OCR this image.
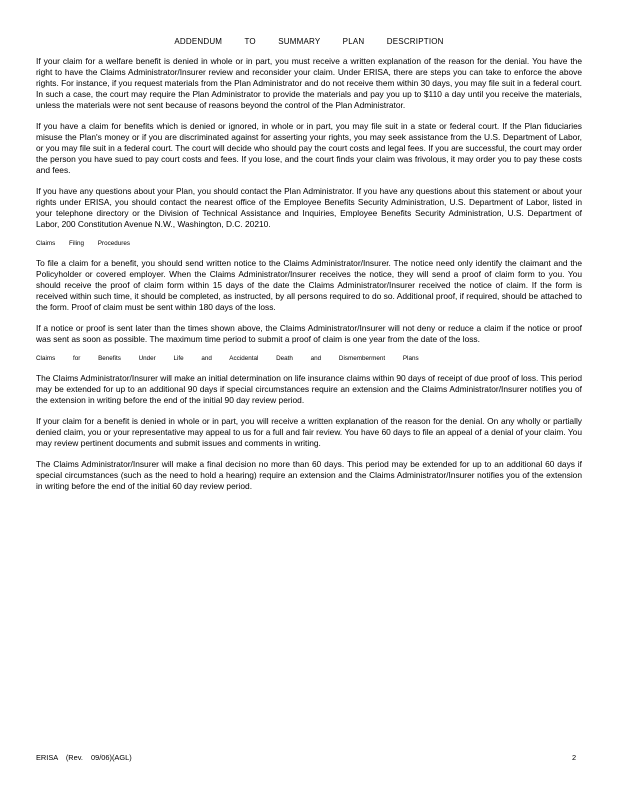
ADDENDUM TO SUMMARY PLAN DESCRIPTION

If your claim for a welfare benefit is denied in whole or in part, you must receive a written explanation of the reason for the denial. You have the right to have the Claims Administrator/Insurer review and reconsider your claim. Under ERISA, there are steps you can take to enforce the above rights. For instance, if you request materials from the Plan Administrator and do not receive them within 30 days, you may file suit in a federal court. In such a case, the court may require the Plan Administrator to provide the materials and pay you up to $110 a day until you receive the materials, unless the materials were not sent because of reasons beyond the control of the Plan Administrator.

If you have a claim for benefits which is denied or ignored, in whole or in part, you may file suit in a state or federal court. If the Plan fiduciaries misuse the Plan's money or if you are discriminated against for asserting your rights, you may seek assistance from the U.S. Department of Labor, or you may file suit in a federal court. The court will decide who should pay the court costs and legal fees. If you are successful, the court may order the person you have sued to pay court costs and fees. If you lose, and the court finds your claim was frivolous, it may order you to pay these costs and fees.

If you have any questions about your Plan, you should contact the Plan Administrator. If you have any questions about this statement or about your rights under ERISA, you should contact the nearest office of the Employee Benefits Security Administration, U.S. Department of Labor, listed in your telephone directory or the Division of Technical Assistance and Inquiries, Employee Benefits Security Administration, U.S. Department of Labor, 200 Constitution Avenue N.W., Washington, D.C. 20210.

Claims Filing Procedures

To file a claim for a benefit, you should send written notice to the Claims Administrator/Insurer. The notice need only identify the claimant and the Policyholder or covered employer. When the Claims Administrator/Insurer receives the notice, they will send a proof of claim form to you. You should receive the proof of claim form within 15 days of the date the Claims Administrator/Insurer received the notice of claim. If the form is received within such time, it should be completed, as instructed, by all persons required to do so. Additional proof, if required, should be attached to the form. Proof of claim must be sent within 180 days of the loss.

If a notice or proof is sent later than the times shown above, the Claims Administrator/Insurer will not deny or reduce a claim if the notice or proof was sent as soon as possible. The maximum time period to submit a proof of claim is one year from the date of the loss.

Claims for Benefits Under Life and Accidental Death and Dismemberment Plans

The Claims Administrator/Insurer will make an initial determination on life insurance claims within 90 days of receipt of due proof of loss. This period may be extended for up to an additional 90 days if special circumstances require an extension and the Claims Administrator/Insurer notifies you of the extension in writing before the end of the initial 90 day review period.

If your claim for a benefit is denied in whole or in part, you will receive a written explanation of the reason for the denial. On any wholly or partially denied claim, you or your representative may appeal to us for a full and fair review. You have 60 days to file an appeal of a denial of your claim. You may review pertinent documents and submit issues and comments in writing.

The Claims Administrator/Insurer will make a final decision no more than 60 days. This period may be extended for up to an additional 60 days if special circumstances (such as the need to hold a hearing) require an extension and the Claims Administrator/Insurer notifies you of the extension in writing before the end of the initial 60 day review period.

ERISA (Rev. 09/06)(AGL)	2
